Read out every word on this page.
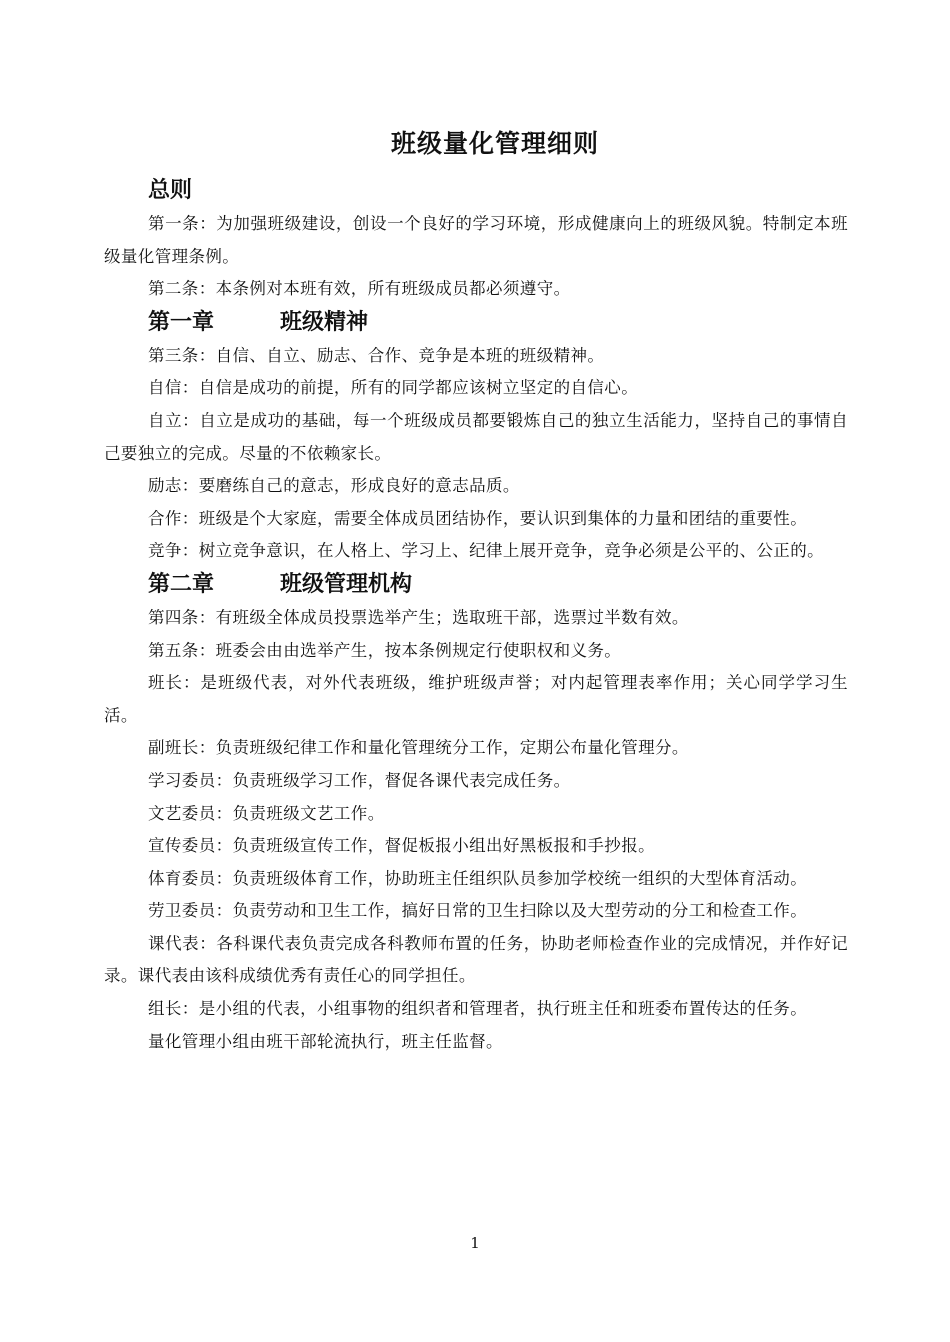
班级量化管理细则
总则

第一条：为加强班级建设，创设一个良好的学习环境，形成健康向上的班级风貌。特制定本班级量化管理条例。

第二条：本条例对本班有效，所有班级成员都必须遵守。

第一章	班级精神

第三条：自信、自立、励志、合作、竞争是本班的班级精神。

自信：自信是成功的前提，所有的同学都应该树立坚定的自信心。

自立：自立是成功的基础，每一个班级成员都要锻炼自己的独立生活能力，坚持自己的事情自己要独立的完成。尽量的不依赖家长。

励志：要磨练自己的意志，形成良好的意志品质。

合作：班级是个大家庭，需要全体成员团结协作，要认识到集体的力量和团结的重要性。

竞争：树立竞争意识，在人格上、学习上、纪律上展开竞争，竞争必须是公平的、公正的。

第二章	班级管理机构

第四条：有班级全体成员投票选举产生；选取班干部，选票过半数有效。

第五条：班委会由由选举产生，按本条例规定行使职权和义务。

班长：是班级代表，对外代表班级，维护班级声誉；对内起管理表率作用；关心同学学习生活。

副班长：负责班级纪律工作和量化管理统分工作，定期公布量化管理分。

学习委员：负责班级学习工作，督促各课代表完成任务。

文艺委员：负责班级文艺工作。

宣传委员：负责班级宣传工作，督促板报小组出好黑板报和手抄报。

体育委员：负责班级体育工作，协助班主任组织队员参加学校统一组织的大型体育活动。

劳卫委员：负责劳动和卫生工作，搞好日常的卫生扫除以及大型劳动的分工和检查工作。

课代表：各科课代表负责完成各科教师布置的任务，协助老师检查作业的完成情况，并作好记录。课代表由该科成绩优秀有责任心的同学担任。

组长：是小组的代表，小组事物的组织者和管理者，执行班主任和班委布置传达的任务。

量化管理小组由班干部轮流执行，班主任监督。

1
